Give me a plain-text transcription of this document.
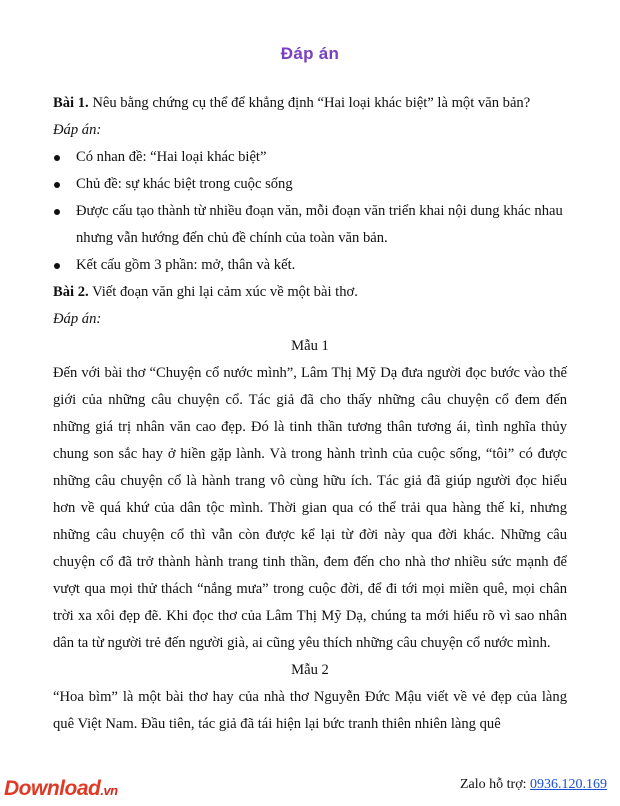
Đáp án

Bài 1. Nêu bằng chứng cụ thể để khẳng định “Hai loại khác biệt” là một văn bản?

Đáp án:

Có nhan đề: “Hai loại khác biệt”
Chủ đề: sự khác biệt trong cuộc sống
Được cấu tạo thành từ nhiều đoạn văn, mỗi đoạn văn triển khai nội dung khác nhau nhưng vẫn hướng đến chủ đề chính của toàn văn bản.
Kết cấu gồm 3 phần: mở, thân và kết.

Bài 2. Viết đoạn văn ghi lại cảm xúc về một bài thơ.

Đáp án:

Mẫu 1

Đến với bài thơ “Chuyện cổ nước mình”, Lâm Thị Mỹ Dạ đưa người đọc bước vào thế giới của những câu chuyện cổ. Tác giả đã cho thấy những câu chuyện cổ đem đến những giá trị nhân văn cao đẹp. Đó là tinh thần tương thân tương ái, tình nghĩa thủy chung son sắc hay ở hiền gặp lành. Và trong hành trình của cuộc sống, “tôi” có được những câu chuyện cổ là hành trang vô cùng hữu ích. Tác giả đã giúp người đọc hiểu hơn về quá khứ của dân tộc mình. Thời gian qua có thể trải qua hàng thế kỉ, nhưng những câu chuyện cổ thì vẫn còn được kể lại từ đời này qua đời khác. Những câu chuyện cổ đã trở thành hành trang tinh thần, đem đến cho nhà thơ nhiều sức mạnh để vượt qua mọi thử thách “nắng mưa” trong cuộc đời, để đi tới mọi miền quê, mọi chân trời xa xôi đẹp đẽ. Khi đọc thơ của Lâm Thị Mỹ Dạ, chúng ta mới hiểu rõ vì sao nhân dân ta từ người trẻ đến người già, ai cũng yêu thích những câu chuyện cổ nước mình.

Mẫu 2

“Hoa bìm” là một bài thơ hay của nhà thơ Nguyễn Đức Mậu viết về vẻ đẹp của làng quê Việt Nam. Đầu tiên, tác giả đã tái hiện lại bức tranh thiên nhiên làng quê

Download.vn	Zalo hỗ trợ: 0936.120.169
